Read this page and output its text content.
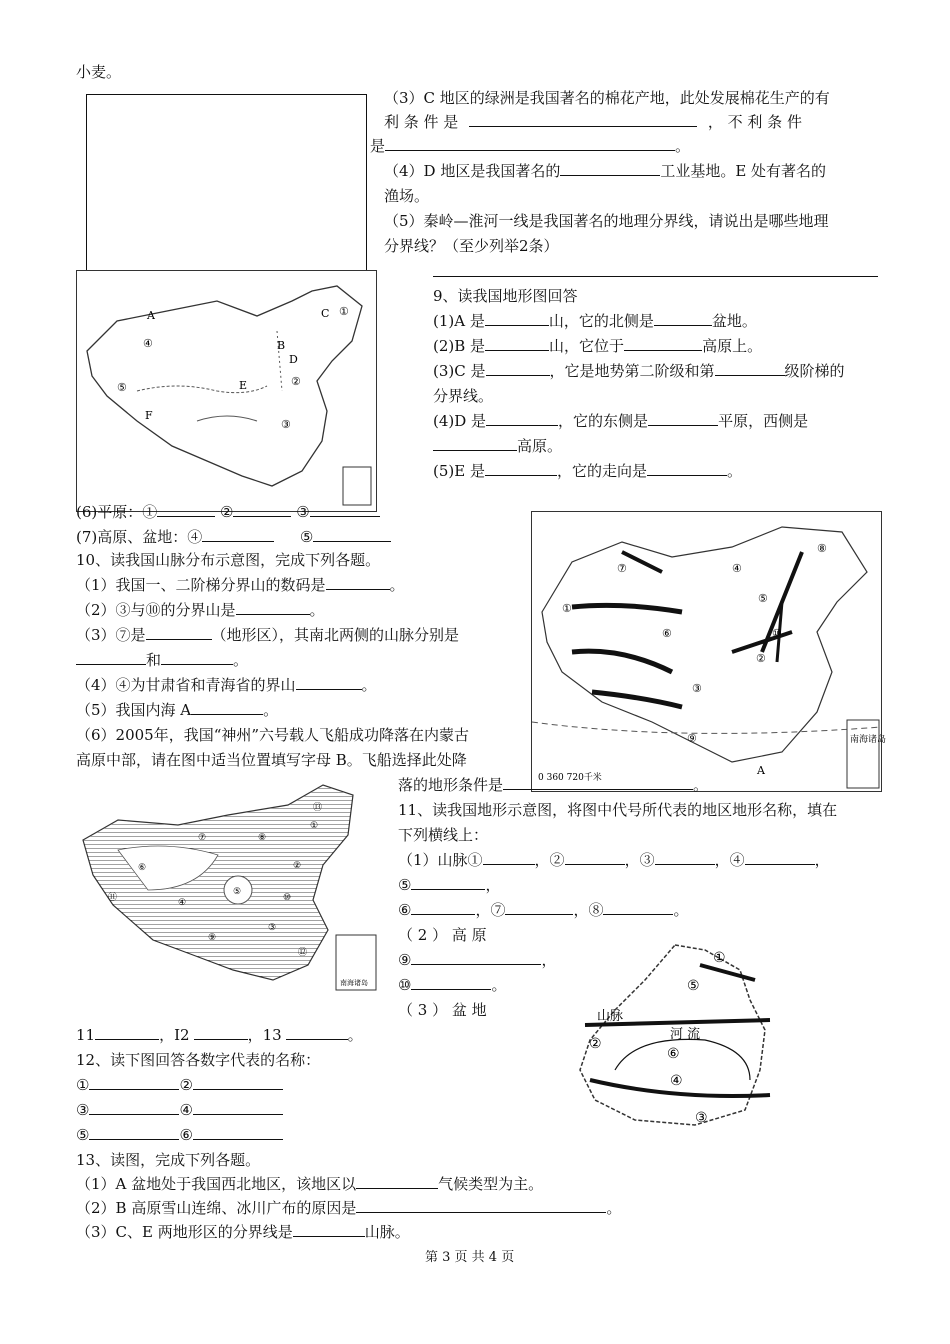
小麦。
（3）C 地区的绿洲是我国著名的棉花产地，此处发展棉花生产的有
利 条 件 是	， 不 利 条 件
是	。
（4）D 地区是我国著名的	工业基地。E 处有著名的
渔场。
（5）秦岭—淮河一线是我国著名的地理分界线，请说出是哪些地理
分界线？（至少列举2条）
A
B
C
D
E
F
①
②
③
④
⑤
9、读我国地形图回答
(1)A 是	山，它的北侧是	盆地。
(2)B 是	山，它位于	高原上。
(3)C 是	，它是地势第二阶级和第	级阶梯的
分界线。
(4)D 是	，它的东侧是	平原，西侧是
高原。
(5)E 是	，它的走向是	。
(6)平原：①	②	③
(7)高原、盆地：④	⑤
南海诸岛
0 360 720千米
①
②
③
④
⑤
⑥
⑦
⑧
⑨
⑩
A
10、读我国山脉分布示意图，完成下列各题。
（1）我国一、二阶梯分界山的数码是	。
（2）③与⑩的分界山是	。
（3）⑦是	（地形区），其南北两侧的山脉分别是
和	。
（4）④为甘肃省和青海省的界山	。
（5）我国内海 A	。
（6）2005年，我国“神州”六号载人飞船成功降落在内蒙古
高原中部，请在图中适当位置填写字母 B。飞船选择此处降
落的地形条件是	。
南海诸岛
①
②
③
④
⑤
⑥
⑦	⑧
⑨
⑩
⑪
⑫
⑬	11、读我国地形示意图，将图中代号所代表的地区地形名称，填在
下列横线上：
（1）山脉①	，②	，③	，④	，
⑤	，
⑥	，⑦	，⑧	。
（ 2 ） 高 原
⑨	，
⑩	。
（ 3 ） 盆 地
①
②
③
④
⑤
⑥
山脉
河 流
11	，I2	，13	。
12、读下图回答各数字代表的名称：
①	②
③	④
⑤	⑥
13、读图，完成下列各题。
（1）A 盆地处于我国西北地区，该地区以	气候类型为主。
（2）B 高原雪山连绵、冰川广布的原因是	。
（3）C、E 两地形区的分界线是	山脉。
第 3 页 共 4 页
